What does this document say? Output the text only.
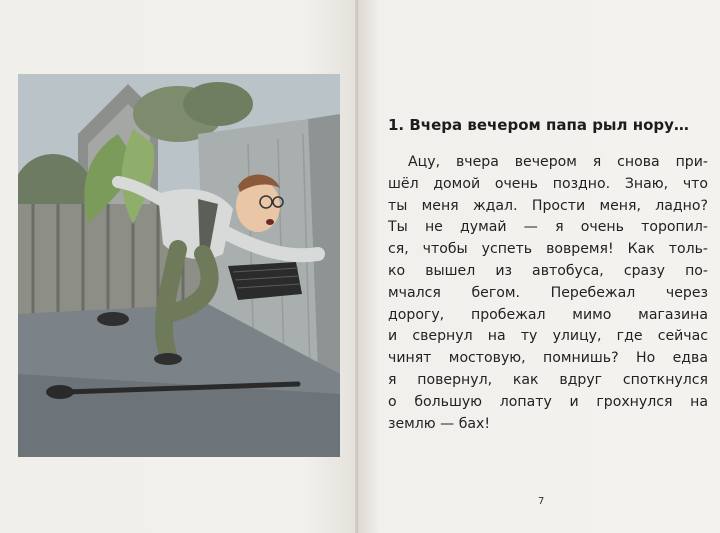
1. Вчера вечером папа рыл нору…

Ацу, вчера вечером я снова при-
шёл домой очень поздно. Знаю, что
ты меня ждал. Прости меня, ладно?
Ты не думай — я очень торопил-
ся, чтобы успеть вовремя! Как толь-
ко вышел из автобуса, сразу по-
мчался бегом. Перебежал через
дорогу, пробежал мимо магазина
и свернул на ту улицу, где сейчас
чинят мостовую, помнишь? Но едва
я повернул, как вдруг споткнулся
о большую лопату и грохнулся на
землю — бах!

7
